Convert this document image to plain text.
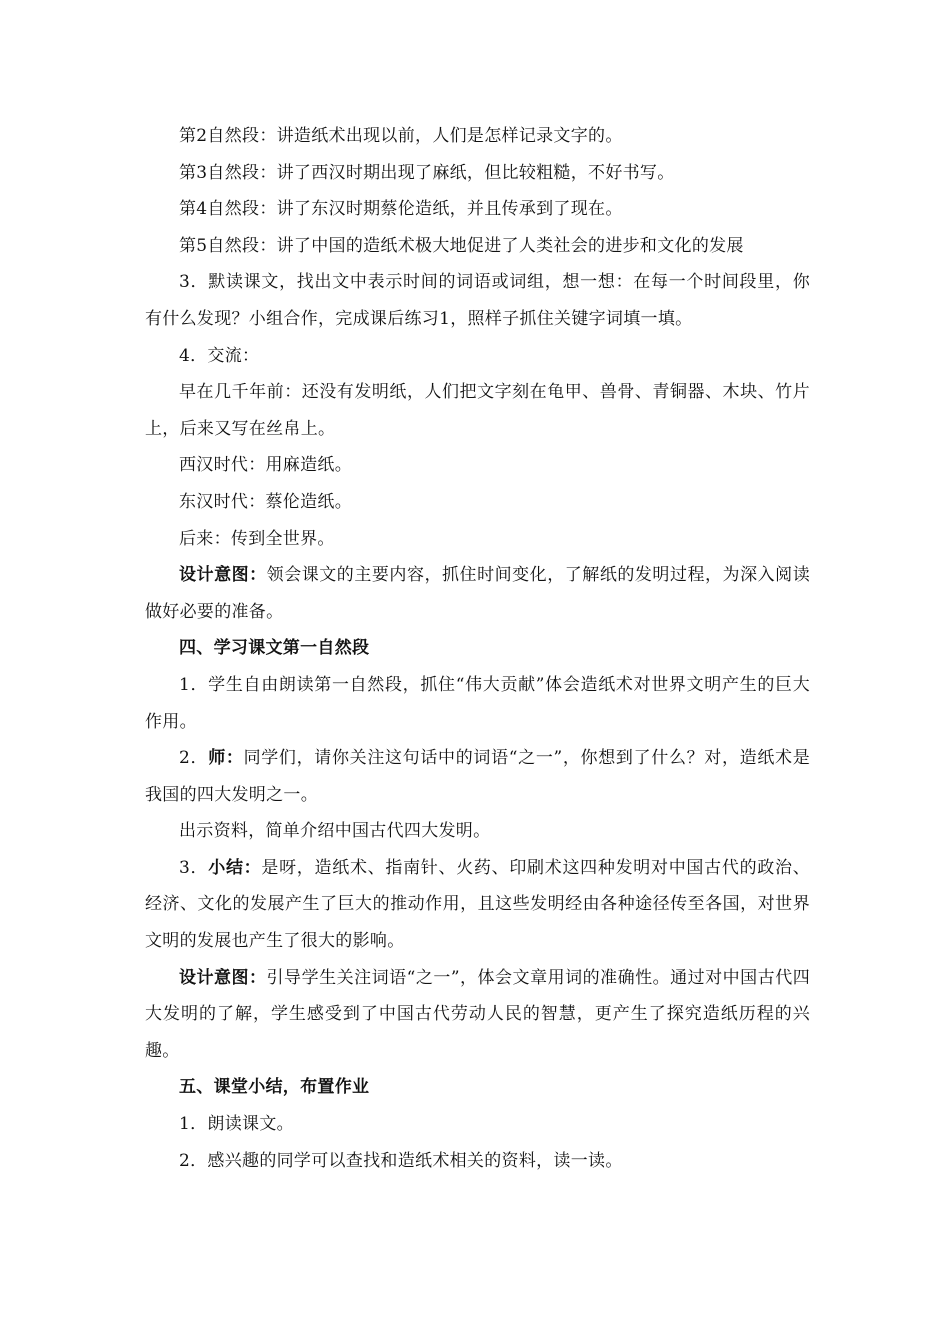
第2自然段：讲造纸术出现以前，人们是怎样记录文字的。

第3自然段：讲了西汉时期出现了麻纸，但比较粗糙，不好书写。

第4自然段：讲了东汉时期蔡伦造纸，并且传承到了现在。

第5自然段：讲了中国的造纸术极大地促进了人类社会的进步和文化的发展

3．默读课文，找出文中表示时间的词语或词组，想一想：在每一个时间段里，你有什么发现？小组合作，完成课后练习1，照样子抓住关键字词填一填。

4．交流：

早在几千年前：还没有发明纸，人们把文字刻在龟甲、兽骨、青铜器、木块、竹片上，后来又写在丝帛上。

西汉时代：用麻造纸。

东汉时代：蔡伦造纸。

后来：传到全世界。

设计意图：领会课文的主要内容，抓住时间变化，了解纸的发明过程，为深入阅读做好必要的准备。

四、学习课文第一自然段

1．学生自由朗读第一自然段，抓住“伟大贡献”体会造纸术对世界文明产生的巨大作用。

2．师：同学们，请你关注这句话中的词语“之一”，你想到了什么？对，造纸术是我国的四大发明之一。

出示资料，简单介绍中国古代四大发明。

3．小结：是呀，造纸术、指南针、火药、印刷术这四种发明对中国古代的政治、经济、文化的发展产生了巨大的推动作用，且这些发明经由各种途径传至各国，对世界文明的发展也产生了很大的影响。

设计意图：引导学生关注词语“之一”，体会文章用词的准确性。通过对中国古代四大发明的了解，学生感受到了中国古代劳动人民的智慧，更产生了探究造纸历程的兴趣。

五、课堂小结，布置作业

1．朗读课文。

2．感兴趣的同学可以查找和造纸术相关的资料，读一读。
